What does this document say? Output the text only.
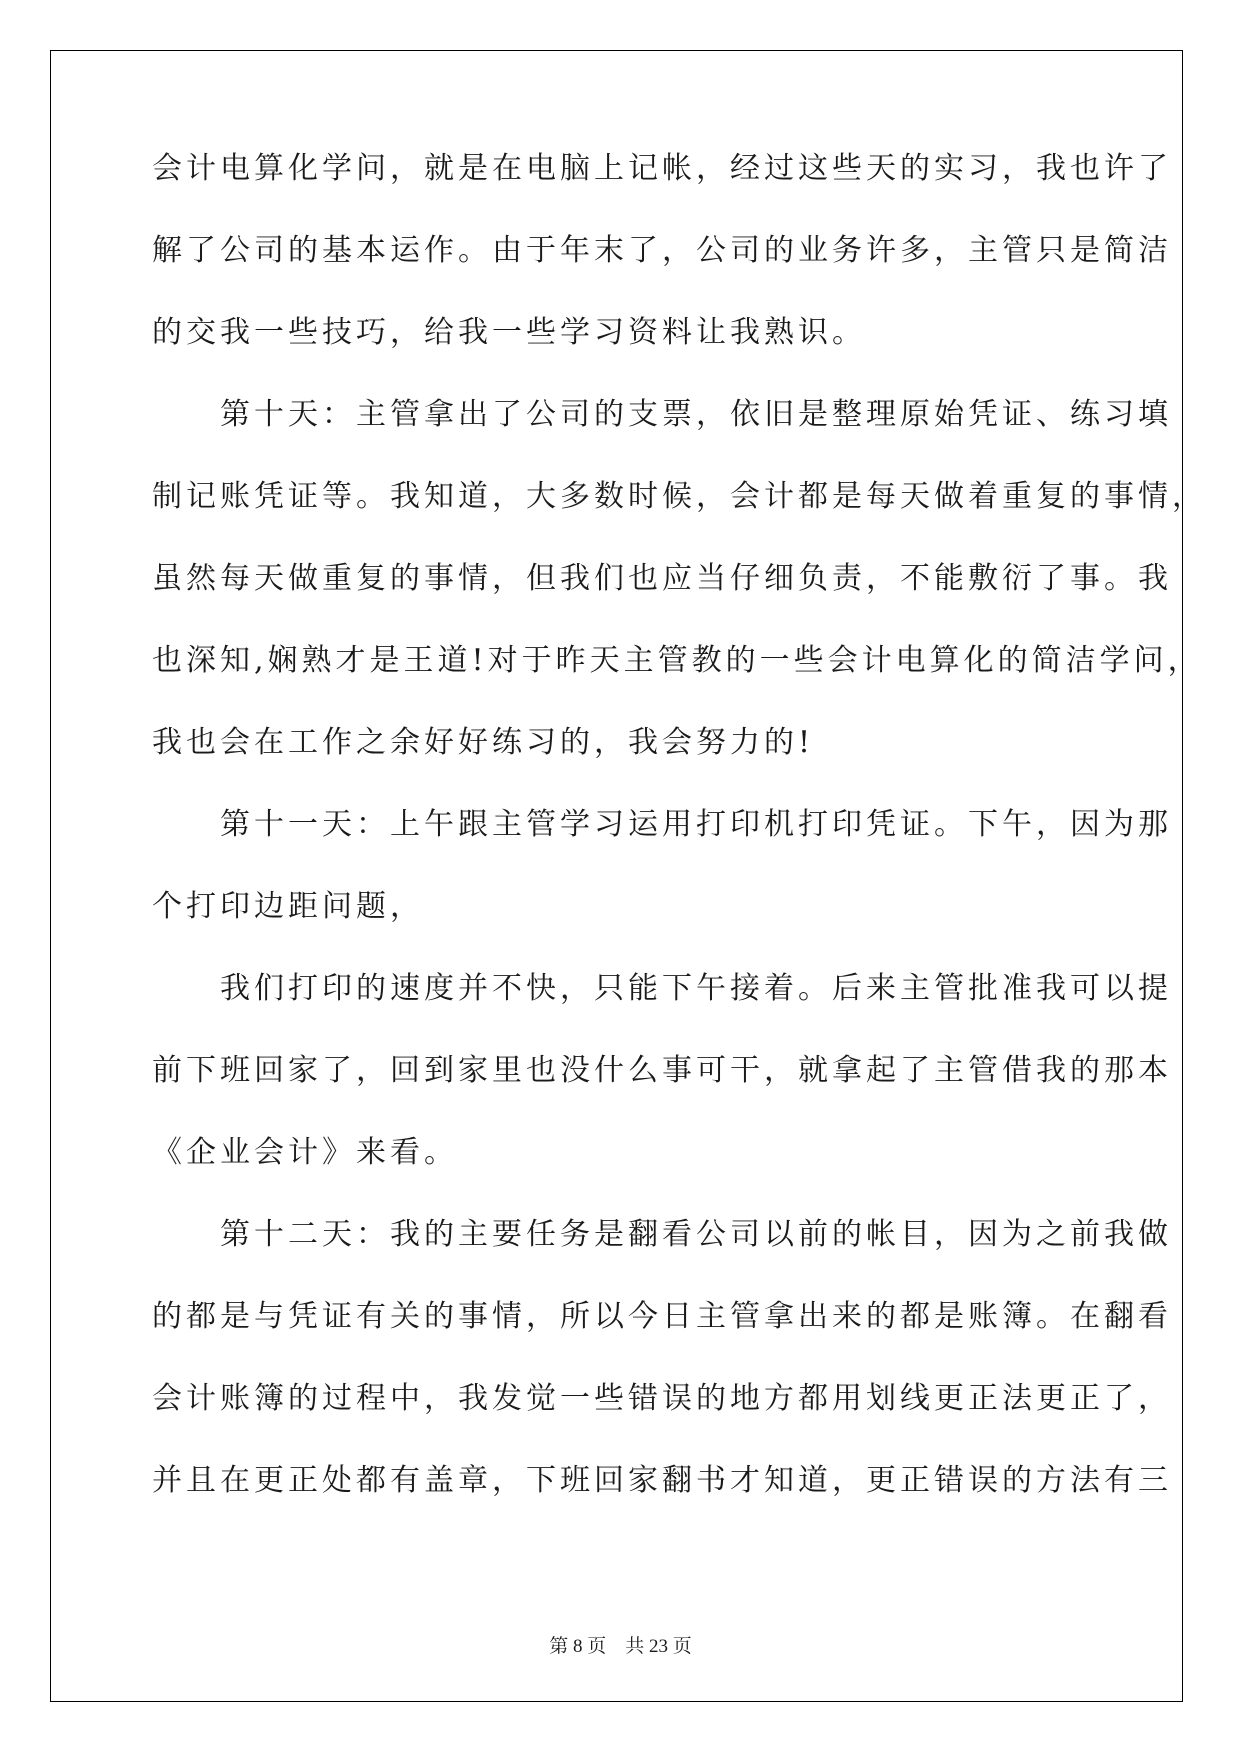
会计电算化学问，就是在电脑上记帐，经过这些天的实习，我也许了
解了公司的基本运作。由于年末了，公司的业务许多，主管只是简洁
的交我一些技巧，给我一些学习资料让我熟识。
　　第十天：主管拿出了公司的支票，依旧是整理原始凭证、练习填
制记账凭证等。我知道，大多数时候，会计都是每天做着重复的事情，
虽然每天做重复的事情，但我们也应当仔细负责，不能敷衍了事。我
也深知,娴熟才是王道!对于昨天主管教的一些会计电算化的简洁学问，
我也会在工作之余好好练习的，我会努力的!
　　第十一天：上午跟主管学习运用打印机打印凭证。下午，因为那
个打印边距问题，
　　我们打印的速度并不快，只能下午接着。后来主管批准我可以提
前下班回家了，回到家里也没什么事可干，就拿起了主管借我的那本
《企业会计》来看。
　　第十二天：我的主要任务是翻看公司以前的帐目，因为之前我做
的都是与凭证有关的事情，所以今日主管拿出来的都是账簿。在翻看
会计账簿的过程中，我发觉一些错误的地方都用划线更正法更正了，
并且在更正处都有盖章，下班回家翻书才知道，更正错误的方法有三
第 8 页　共 23 页
